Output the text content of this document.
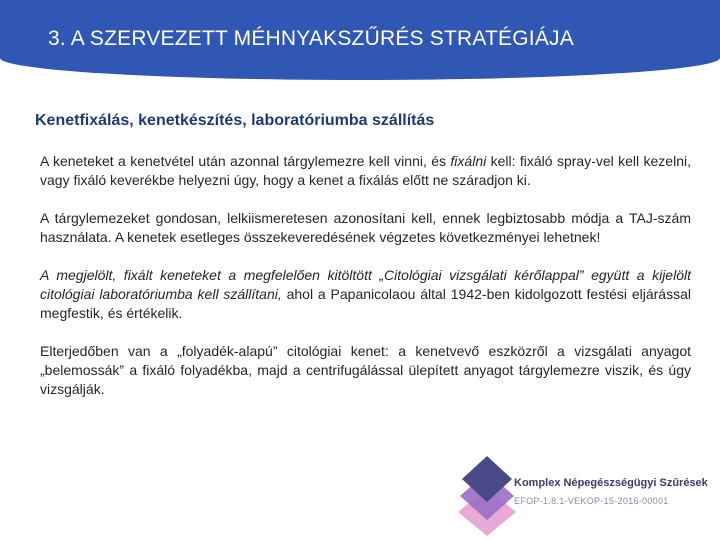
3. A SZERVEZETT MÉHNYAKSZŰRÉS STRATÉGIÁJA
Kenetfixálás, kenetkészítés, laboratóriumba szállítás

A keneteket a kenetvétel után azonnal tárgylemezre kell vinni, és fixálni kell: fixáló spray-vel kell kezelni, vagy fixáló keverékbe helyezni úgy, hogy a kenet a fixálás előtt ne száradjon ki.

A tárgylemezeket gondosan, lelkiismeretesen azonosítani kell, ennek legbiztosabb módja a TAJ-szám használata. A kenetek esetleges összekeveredésének végzetes következményei lehetnek!

A megjelölt, fixált keneteket a megfelelően kitöltött „Citológiai vizsgálati kérőlappal” együtt a kijelölt citológiai laboratóriumba kell szállítani, ahol a Papanicolaou által 1942-ben kidolgozott festési eljárással megfestik, és értékelik.

Elterjedőben van a „folyadék-alapú” citológiai kenet: a kenetvevő eszközről a vizsgálati anyagot „belemossák” a fixáló folyadékba, majd a centrifugálással ülepített anyagot tárgylemezre viszik, és úgy vizsgálják.

Komplex Népegészségügyi Szűrések

EFOP-1.8.1-VEKOP-15-2016-00001
